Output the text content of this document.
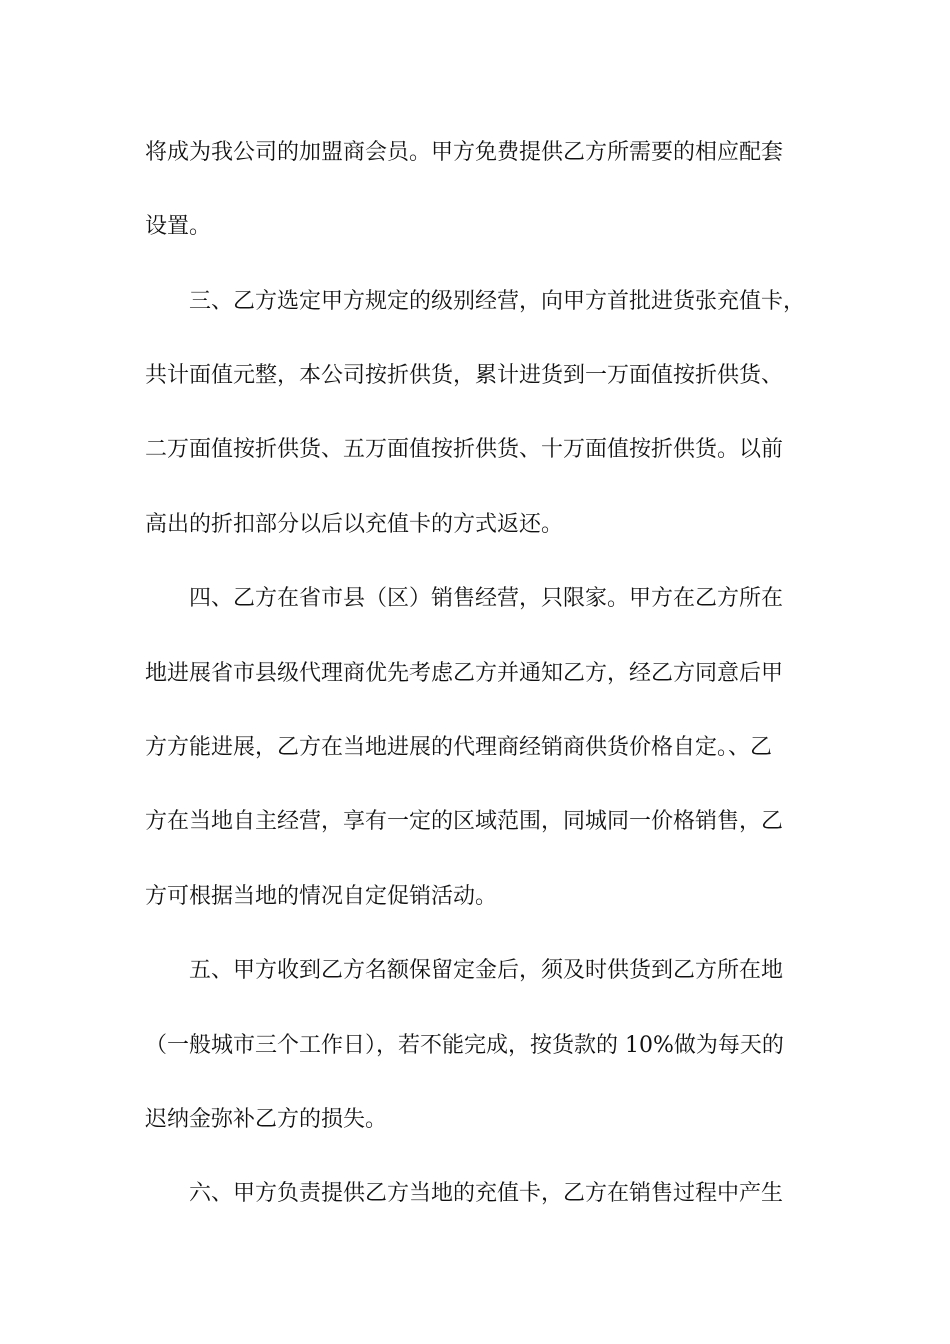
将成为我公司的加盟商会员。甲方免费提供乙方所需要的相应配套
设置。
三、乙方选定甲方规定的级别经营，向甲方首批进货张充值卡，
共计面值元整，本公司按折供货，累计进货到一万面值按折供货、
二万面值按折供货、五万面值按折供货、十万面值按折供货。以前
高出的折扣部分以后以充值卡的方式返还。
四、乙方在省市县（区）销售经营，只限家。甲方在乙方所在
地进展省市县级代理商优先考虑乙方并通知乙方，经乙方同意后甲
方方能进展，乙方在当地进展的代理商经销商供货价格自定。、乙
方在当地自主经营，享有一定的区域范围，同城同一价格销售，乙
方可根据当地的情况自定促销活动。
五、甲方收到乙方名额保留定金后，须及时供货到乙方所在地
（一般城市三个工作日），若不能完成，按货款的 10%做为每天的
迟纳金弥补乙方的损失。
六、甲方负责提供乙方当地的充值卡，乙方在销售过程中产生
